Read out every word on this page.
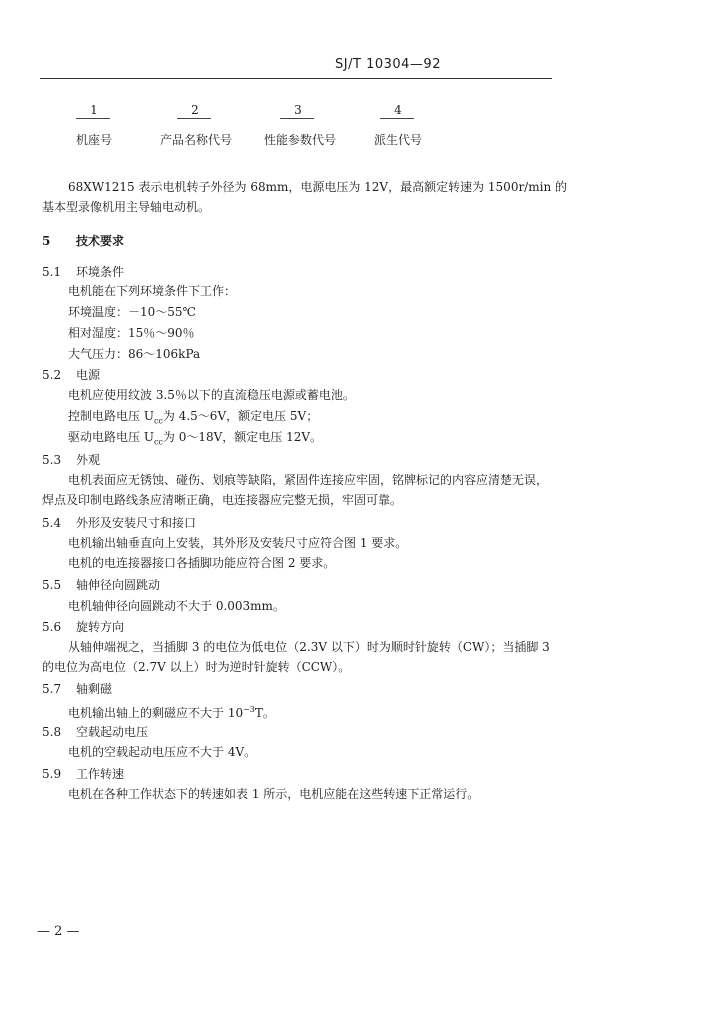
SJ/T 10304—92
1	2	3	4
机座号	产品名称代号	性能参数代号	派生代号
68XW1215 表示电机转子外径为 68mm，电源电压为 12V，最高额定转速为 1500r/min 的
基本型录像机用主导轴电动机。
5 技术要求
5.1 环境条件
电机能在下列环境条件下工作：
环境温度：－10～55℃
相对湿度：15％～90％
大气压力：86～106kPa
5.2 电源
电机应使用纹波 3.5％以下的直流稳压电源或蓄电池。
控制电路电压 $U_{cc}$为 4.5～6V，额定电压 5V；
驱动电路电压 $U_{cc}$为 0～18V，额定电压 12V。
5.3 外观
电机表面应无锈蚀、碰伤、划痕等缺陷，紧固件连接应牢固，铭牌标记的内容应清楚无误，
焊点及印制电路线条应清晰正确，电连接器应完整无损，牢固可靠。
5.4 外形及安装尺寸和接口
电机输出轴垂直向上安装，其外形及安装尺寸应符合图 1 要求。
电机的电连接器接口各插脚功能应符合图 2 要求。
5.5 轴伸径向圆跳动
电机轴伸径向圆跳动不大于 0.003mm。
5.6 旋转方向
从轴伸端视之，当插脚 3 的电位为低电位（2.3V 以下）时为顺时针旋转（CW）；当插脚 3
的电位为高电位（2.7V 以上）时为逆时针旋转（CCW）。
5.7 轴剩磁
电机输出轴上的剩磁应不大于 $10^{-3}T$。
5.8 空载起动电压
电机的空载起动电压应不大于 4V。
5.9 工作转速
电机在各种工作状态下的转速如表 1 所示，电机应能在这些转速下正常运行。
— 2 —
